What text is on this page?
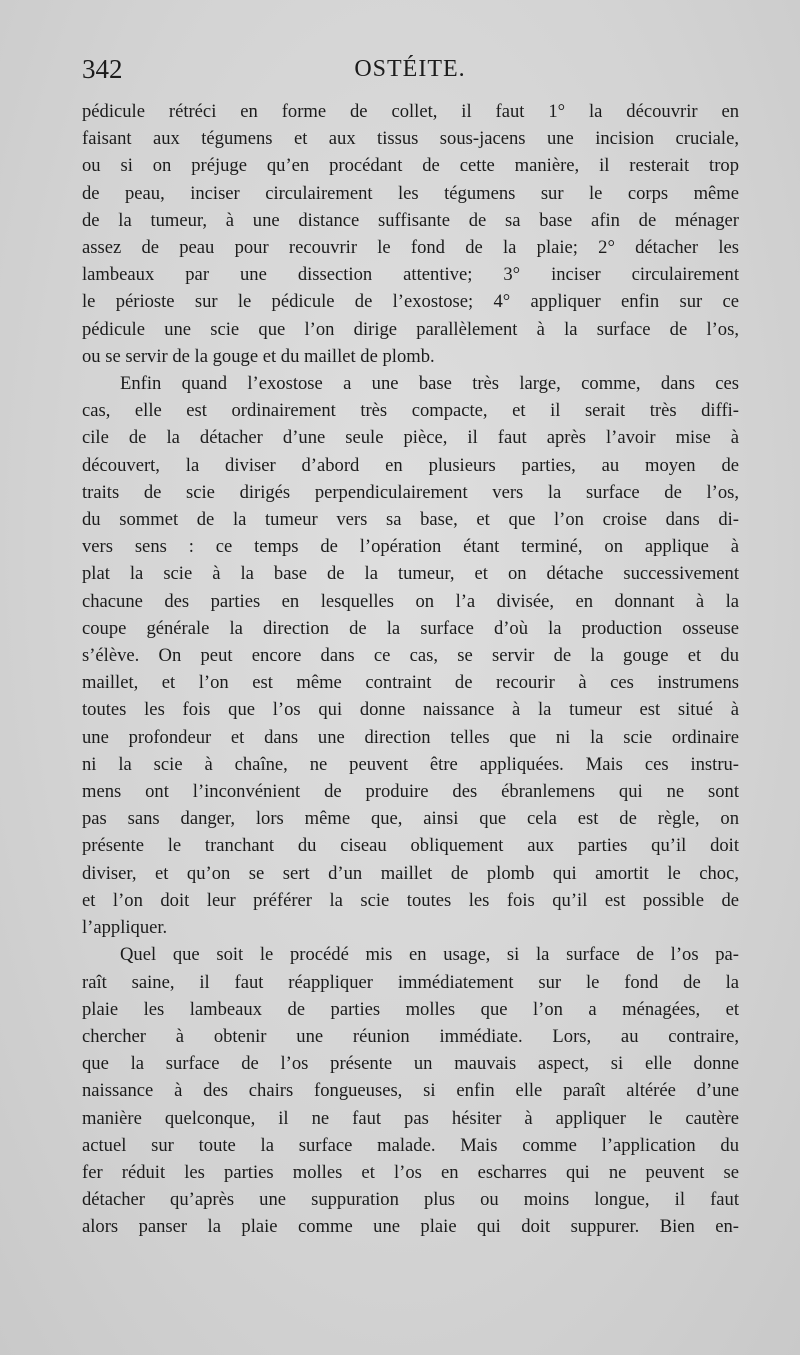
342	OSTÉITE.
pédicule rétréci en forme de collet, il faut 1° la découvrir en
faisant aux tégumens et aux tissus sous-jacens une incision cruciale,
ou si on préjuge qu’en procédant de cette manière, il resterait trop
de peau, inciser circulairement les tégumens sur le corps même
de la tumeur, à une distance suffisante de sa base afin de ménager
assez de peau pour recouvrir le fond de la plaie; 2° détacher les
lambeaux par une dissection attentive; 3° inciser circulairement
le périoste sur le pédicule de l’exostose; 4° appliquer enfin sur ce
pédicule une scie que l’on dirige parallèlement à la surface de l’os,
ou se servir de la gouge et du maillet de plomb.
Enfin quand l’exostose a une base très large, comme, dans ces
cas, elle est ordinairement très compacte, et il serait très diffi-
cile de la détacher d’une seule pièce, il faut après l’avoir mise à
découvert, la diviser d’abord en plusieurs parties, au moyen de
traits de scie dirigés perpendiculairement vers la surface de l’os,
du sommet de la tumeur vers sa base, et que l’on croise dans di-
vers sens : ce temps de l’opération étant terminé, on applique à
plat la scie à la base de la tumeur, et on détache successivement
chacune des parties en lesquelles on l’a divisée, en donnant à la
coupe générale la direction de la surface d’où la production osseuse
s’élève. On peut encore dans ce cas, se servir de la gouge et du
maillet, et l’on est même contraint de recourir à ces instrumens
toutes les fois que l’os qui donne naissance à la tumeur est situé à
une profondeur et dans une direction telles que ni la scie ordinaire
ni la scie à chaîne, ne peuvent être appliquées. Mais ces instru-
mens ont l’inconvénient de produire des ébranlemens qui ne sont
pas sans danger, lors même que, ainsi que cela est de règle, on
présente le tranchant du ciseau obliquement aux parties qu’il doit
diviser, et qu’on se sert d’un maillet de plomb qui amortit le choc,
et l’on doit leur préférer la scie toutes les fois qu’il est possible de
l’appliquer.
Quel que soit le procédé mis en usage, si la surface de l’os pa-
raît saine, il faut réappliquer immédiatement sur le fond de la
plaie les lambeaux de parties molles que l’on a ménagées, et
chercher à obtenir une réunion immédiate. Lors, au contraire,
que la surface de l’os présente un mauvais aspect, si elle donne
naissance à des chairs fongueuses, si enfin elle paraît altérée d’une
manière quelconque, il ne faut pas hésiter à appliquer le cautère
actuel sur toute la surface malade. Mais comme l’application du
fer réduit les parties molles et l’os en escharres qui ne peuvent se
détacher qu’après une suppuration plus ou moins longue, il faut
alors panser la plaie comme une plaie qui doit suppurer. Bien en-
